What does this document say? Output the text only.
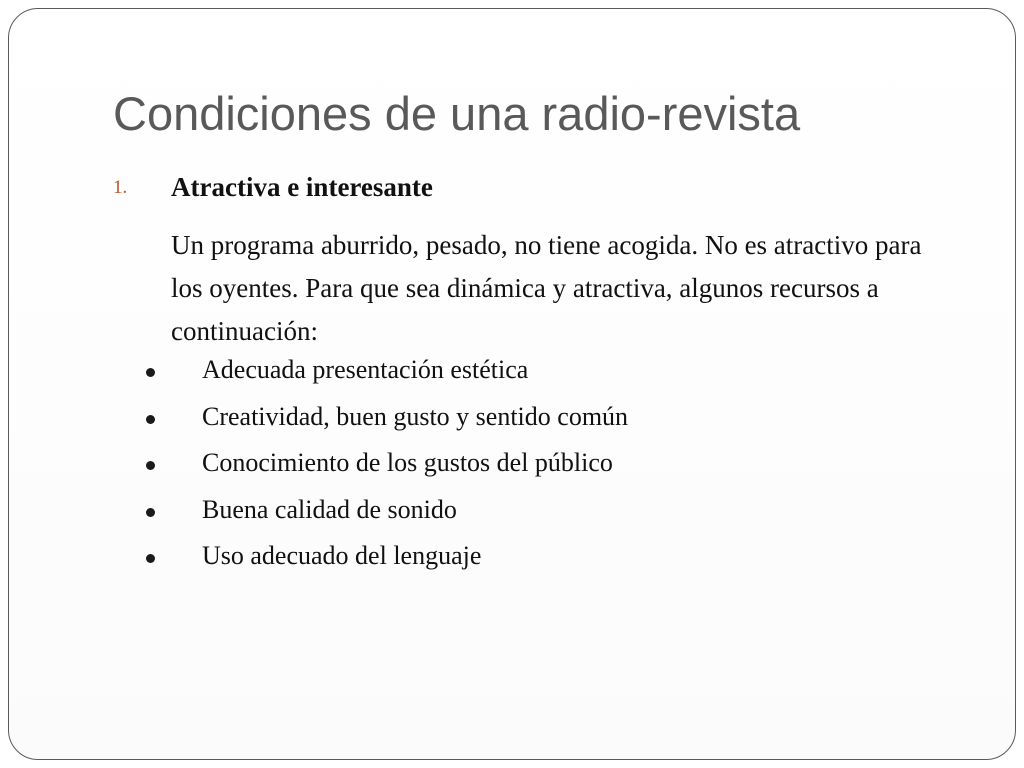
Condiciones de una radio-revista
1. Atractiva e interesante
Un programa aburrido, pesado, no tiene acogida. No es atractivo para los oyentes. Para que sea dinámica y atractiva, algunos recursos a continuación:
Adecuada presentación estética
Creatividad, buen gusto y sentido común
Conocimiento de los gustos del público
Buena calidad de sonido
Uso adecuado del lenguaje
